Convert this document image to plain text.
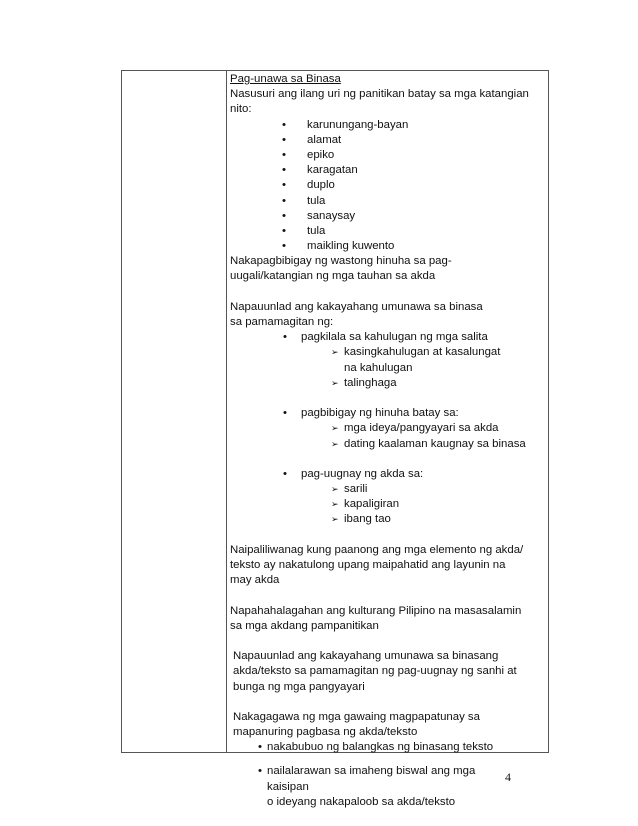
Pag-unawa sa Binasa
Nasusuri ang ilang uri ng panitikan batay sa mga katangian
nito:
• karunungang-bayan
• alamat
• epiko
• karagatan
• duplo
• tula
• sanaysay
• tula
• maikling kuwento
Nakapagbibigay ng wastong hinuha sa pag-
uugali/katangian ng mga tauhan sa akda
Napauunlad ang kakayahang umunawa sa binasa
sa pamamagitan ng:
• pagkilala sa kahulugan ng mga salita
➢ kasingkahulugan at kasalungat
na kahulugan
➢ talinghaga
• pagbibigay ng hinuha batay sa:
➢ mga ideya/pangyayari sa akda
➢ dating kaalaman kaugnay sa binasa
• pag-uugnay ng akda sa:
➢ sarili
➢ kapaligiran
➢ ibang tao
Naipaliliwanag kung paanong ang mga elemento ng akda/
teksto ay nakatulong upang maipahatid ang layunin na
may akda
Napahahalagahan ang kulturang Pilipino na masasalamin
sa mga akdang pampanitikan
Napauunlad ang kakayahang umunawa sa binasang
akda/teksto sa pamamagitan ng pag-uugnay ng sanhi at
bunga ng mga pangyayari
Nakagagawa ng mga gawaing magpapatunay sa
mapanuring pagbasa ng akda/teksto
• nakabubuo ng balangkas ng binasang teksto
• nailalarawan sa imaheng biswal ang mga
kaisipan
o ideyang nakapaloob sa akda/teksto
4
